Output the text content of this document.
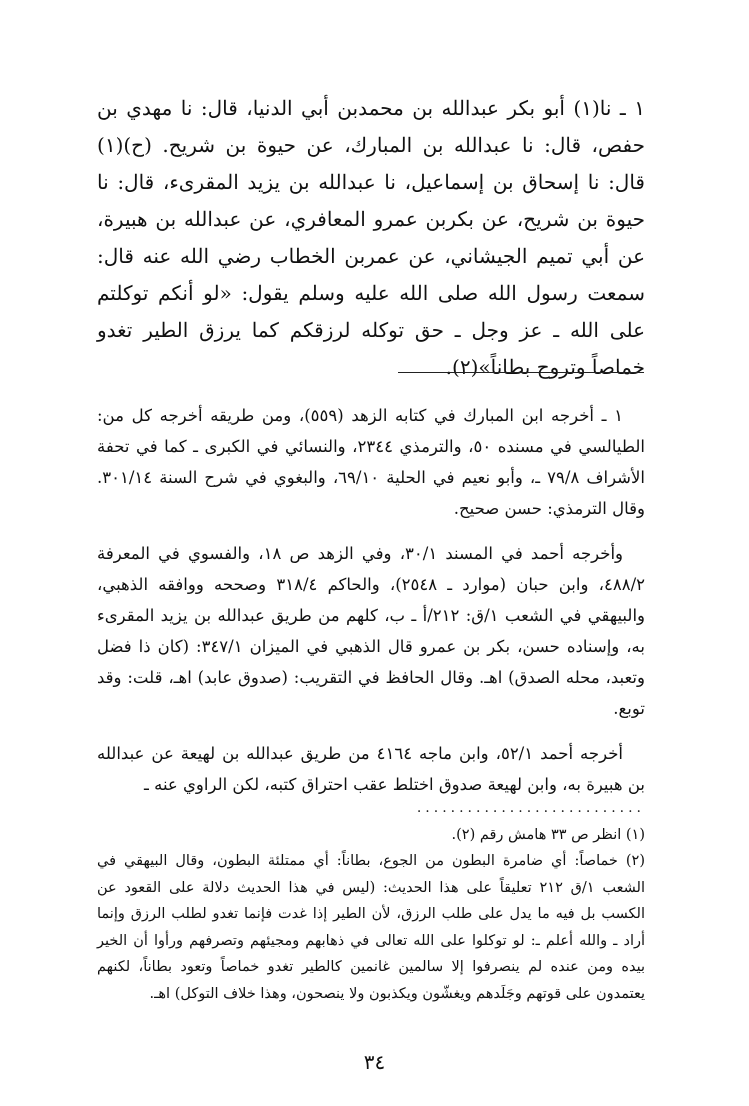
١ ـ نا(١) أبو بكر عبدالله بن محمدبن أبي الدنيا، قال: نا مهدي بن حفص، قال: نا عبدالله بن المبارك، عن حيوة بن شريح. (ح)(١) قال: نا إسحاق بن إسماعيل، نا عبدالله بن يزيد المقرىء، قال: نا حيوة بن شريح، عن بكربن عمرو المعافري، عن عبدالله بن هبيرة، عن أبي تميم الجيشاني، عن عمربن الخطاب رضي الله عنه قال: سمعت رسول الله صلى الله عليه وسلم يقول: «لو أنكم توكلتم على الله ـ عز وجل ـ حق توكله لرزقكم كما يرزق الطير تغدو خماصاً وتروح بطاناً»(٢).

١ ـ أخرجه ابن المبارك في كتابه الزهد (٥٥٩)، ومن طريقه أخرجه كل من: الطيالسي في مسنده ٥٠، والترمذي ٢٣٤٤، والنسائي في الكبرى ـ كما في تحفة الأشراف ٧٩/٨ ـ، وأبو نعيم في الحلية ٦٩/١٠، والبغوي في شرح السنة ٣٠١/١٤. وقال الترمذي: حسن صحيح.

وأخرجه أحمد في المسند ٣٠/١، وفي الزهد ص ١٨، والفسوي في المعرفة ٤٨٨/٢، وابن حبان (موارد ـ ٢٥٤٨)، والحاكم ٣١٨/٤ وصححه ووافقه الذهبي، والبيهقي في الشعب ١/ق: ٢١٢/أ ـ ب، كلهم من طريق عبدالله بن يزيد المقرىء به، وإسناده حسن، بكر بن عمرو قال الذهبي في الميزان ٣٤٧/١: (كان ذا فضل وتعبد، محله الصدق) اهـ. وقال الحافظ في التقريب: (صدوق عابد) اهـ، قلت: وقد توبع.

أخرجه أحمد ٥٢/١، وابن ماجه ٤١٦٤ من طريق عبدالله بن لهيعة عن عبدالله بن هبيرة به، وابن لهيعة صدوق اختلط عقب احتراق كتبه، لكن الراوي عنه ـ

...........................
(١) انظر ص ٣٣ هامش رقم (٢).
(٢) خماصاً: أي ضامرة البطون من الجوع، بطاناً: أي ممتلئة البطون، وقال البيهقي في الشعب ١/ق ٢١٢ تعليقاً على هذا الحديث: (ليس في هذا الحديث دلالة على القعود عن الكسب بل فيه ما يدل على طلب الرزق، لأن الطير إذا غدت فإنما تغدو لطلب الرزق وإنما أراد ـ والله أعلم ـ: لو توكلوا على الله تعالى في ذهابهم ومجيئهم وتصرفهم ورأوا أن الخير بيده ومن عنده لم ينصرفوا إلا سالمين غانمين كالطير تغدو خماصاً وتعود بطاناً، لكنهم يعتمدون على قوتهم وجَلَدهم ويغشّون ويكذبون ولا ينصحون، وهذا خلاف التوكل) اهـ.
٣٤
